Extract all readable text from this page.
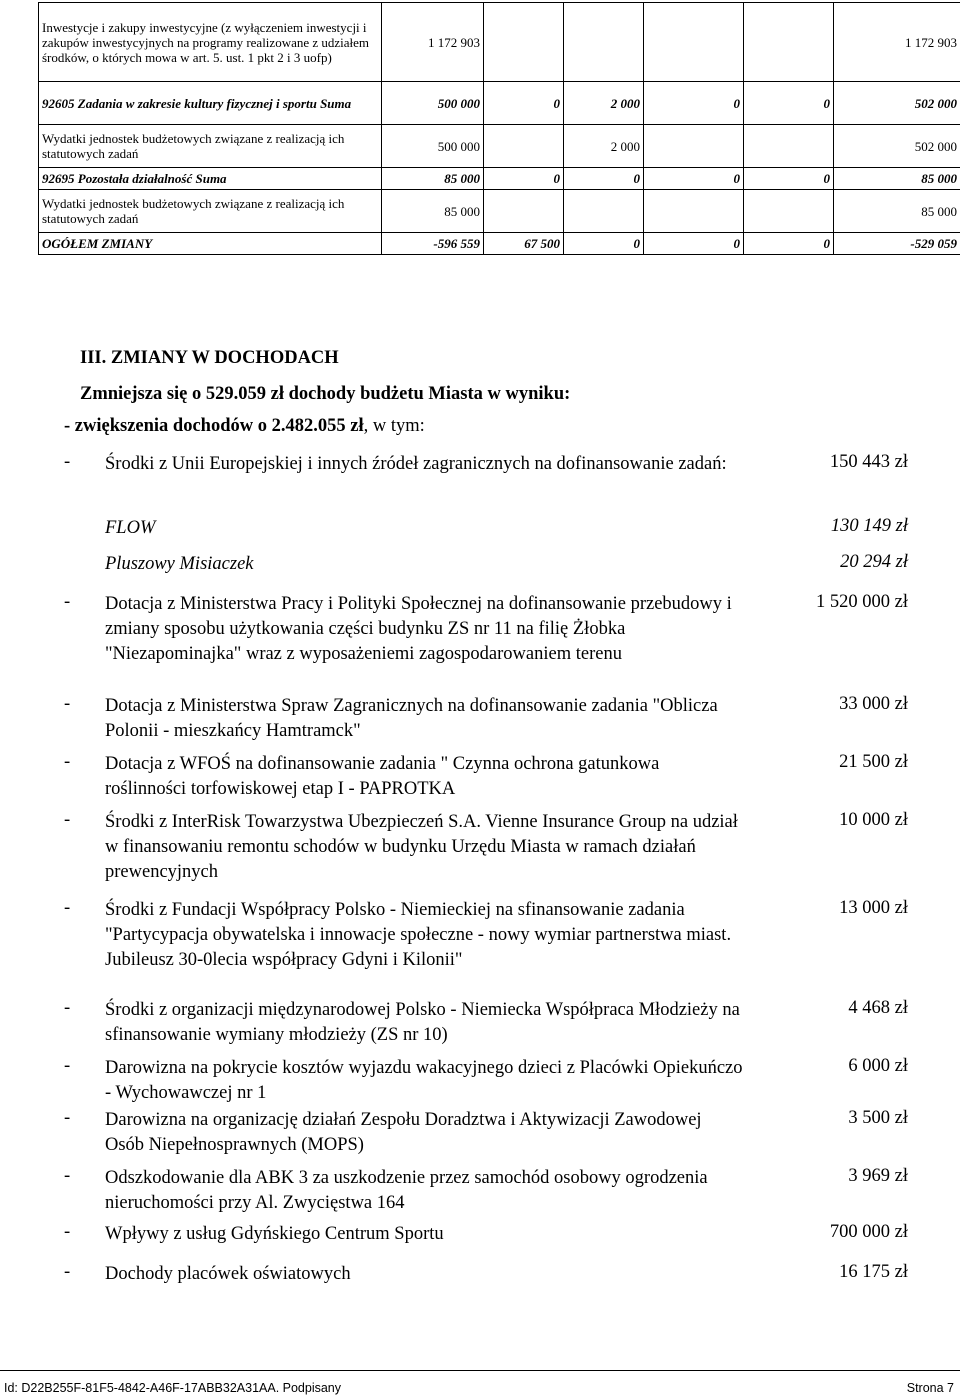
Inwestycje i zakupy inwestycyjne (z wyłączeniem inwestycji i zakupów inwestycyjnych na programy realizowane z udziałem środków, o których mowa w art. 5. ust. 1 pkt 2 i 3 uofp)	1 172 903					1 172 903
92605 Zadania w zakresie kultury fizycznej i sportu Suma	500 000	0	2 000	0	0	502 000
Wydatki jednostek budżetowych związane z realizacją ich statutowych zadań	500 000		2 000			502 000
92695 Pozostała działalność Suma	85 000	0	0	0	0	85 000
Wydatki jednostek budżetowych związane z realizacją ich statutowych zadań	85 000					85 000
OGÓŁEM ZMIANY	-596 559	67 500	0	0	0	-529 059
III. ZMIANY W DOCHODACH
Zmniejsza się o 529.059 zł dochody budżetu Miasta w wyniku:
- zwiększenia dochodów o 2.482.055 zł, w tym:
- Środki z Unii Europejskiej i innych źródeł zagranicznych na dofinansowanie zadań:	150 443 zł
FLOW	130 149 zł
Pluszowy Misiaczek	20 294 zł
- Dotacja z Ministerstwa Pracy i Polityki Społecznej na dofinansowanie przebudowy i zmiany sposobu użytkowania części budynku ZS nr 11 na filię Żłobka "Niezapominajka" wraz z wyposażeniemi zagospodarowaniem terenu
1 520 000 zł
- Dotacja z Ministerstwa Spraw Zagranicznych na dofinansowanie zadania "Oblicza Polonii - mieszkańcy Hamtramck"
33 000 zł
- Dotacja z WFOŚ na dofinansowanie zadania " Czynna ochrona gatunkowa roślinności torfowiskowej etap I - PAPROTKA
21 500 zł
- Środki z InterRisk Towarzystwa Ubezpieczeń S.A. Vienne Insurance Group na udział w finansowaniu remontu schodów w budynku Urzędu Miasta w ramach działań prewencyjnych
10 000 zł
- Środki z Fundacji Współpracy Polsko - Niemieckiej na sfinansowanie zadania "Partycypacja obywatelska i innowacje społeczne - nowy wymiar partnerstwa miast. Jubileusz 30-0lecia współpracy Gdyni i Kilonii"
13 000 zł
- Środki z organizacji międzynarodowej Polsko - Niemiecka Współpraca Młodzieży na sfinansowanie wymiany młodzieży (ZS nr 10)
4 468 zł
- Darowizna na pokrycie kosztów wyjazdu wakacyjnego dzieci z Placówki Opiekuńczo - Wychowawczej nr 1
6 000 zł
- Darowizna na organizację działań Zespołu Doradztwa i Aktywizacji Zawodowej Osób Niepełnosprawnych (MOPS)
3 500 zł
- Odszkodowanie dla ABK 3 za uszkodzenie przez samochód osobowy ogrodzenia nieruchomości przy Al. Zwycięstwa 164
3 969 zł
- Wpływy z usług Gdyńskiego Centrum Sportu	700 000 zł
- Dochody placówek oświatowych	16 175 zł
Id: D22B255F-81F5-4842-A46F-17ABB32A31AA. Podpisany	Strona 7
